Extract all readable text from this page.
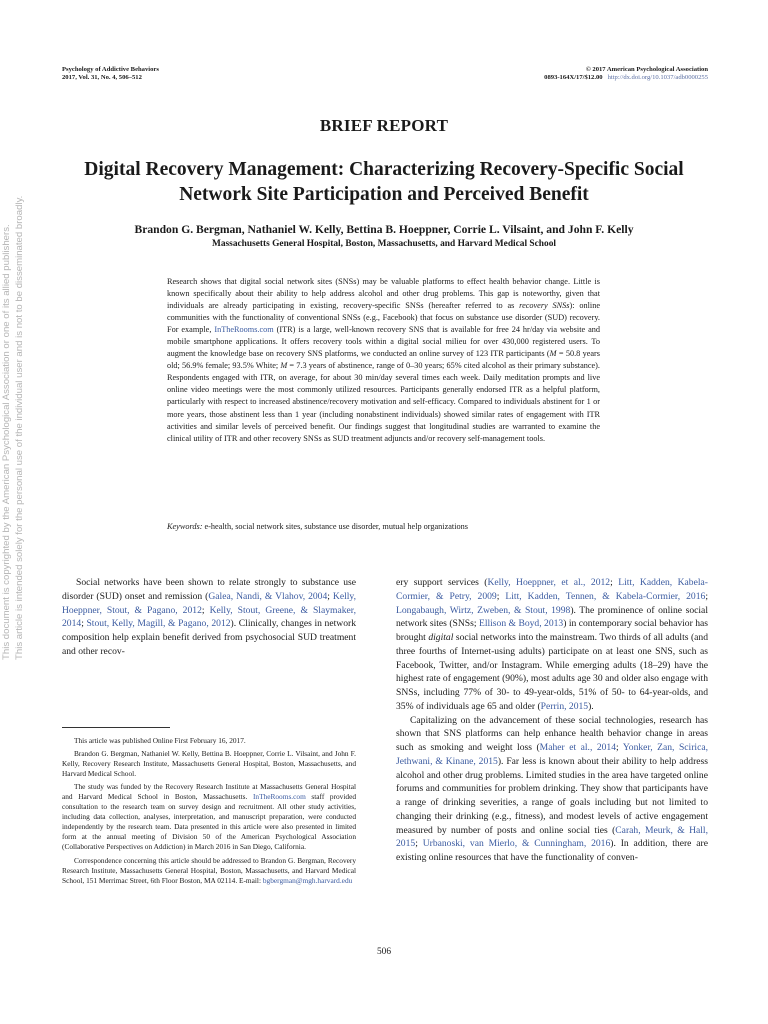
Psychology of Addictive Behaviors
2017, Vol. 31, No. 4, 506–512
© 2017 American Psychological Association
0893-164X/17/$12.00 http://dx.doi.org/10.1037/adb0000255
This document is copyrighted by the American Psychological Association or one of its allied publishers. This article is intended solely for the personal use of the individual user and is not to be disseminated broadly.
BRIEF REPORT
Digital Recovery Management: Characterizing Recovery-Specific Social Network Site Participation and Perceived Benefit
Brandon G. Bergman, Nathaniel W. Kelly, Bettina B. Hoeppner, Corrie L. Vilsaint, and John F. Kelly
Massachusetts General Hospital, Boston, Massachusetts, and Harvard Medical School
Research shows that digital social network sites (SNSs) may be valuable platforms to effect health behavior change. Little is known specifically about their ability to help address alcohol and other drug problems. This gap is noteworthy, given that individuals are already participating in existing, recovery-specific SNSs (hereafter referred to as recovery SNSs): online communities with the functionality of conventional SNSs (e.g., Facebook) that focus on substance use disorder (SUD) recovery. For example, InTheRooms.com (ITR) is a large, well-known recovery SNS that is available for free 24 hr/day via website and mobile smartphone applications. It offers recovery tools within a digital social milieu for over 430,000 registered users. To augment the knowledge base on recovery SNS platforms, we conducted an online survey of 123 ITR participants (M = 50.8 years old; 56.9% female; 93.5% White; M = 7.3 years of abstinence, range of 0–30 years; 65% cited alcohol as their primary substance). Respondents engaged with ITR, on average, for about 30 min/day several times each week. Daily meditation prompts and live online video meetings were the most commonly utilized resources. Participants generally endorsed ITR as a helpful platform, particularly with respect to increased abstinence/recovery motivation and self-efficacy. Compared to individuals abstinent for 1 or more years, those abstinent less than 1 year (including nonabstinent individuals) showed similar rates of engagement with ITR activities and similar levels of perceived benefit. Our findings suggest that longitudinal studies are warranted to examine the clinical utility of ITR and other recovery SNSs as SUD treatment adjuncts and/or recovery self-management tools.
Keywords: e-health, social network sites, substance use disorder, mutual help organizations

Social networks have been shown to relate strongly to substance use disorder (SUD) onset and remission (Galea, Nandi, & Vlahov, 2004; Kelly, Hoeppner, Stout, & Pagano, 2012; Kelly, Stout, Greene, & Slaymaker, 2014; Stout, Kelly, Magill, & Pagano, 2012). Clinically, changes in network composition help explain benefit derived from psychosocial SUD treatment and other recov-

This article was published Online First February 16, 2017.

Brandon G. Bergman, Nathaniel W. Kelly, Bettina B. Hoeppner, Corrie L. Vilsaint, and John F. Kelly, Recovery Research Institute, Massachusetts General Hospital, Boston, Massachusetts, and Harvard Medical School.

The study was funded by the Recovery Research Institute at Massachusetts General Hospital and Harvard Medical School in Boston, Massachusetts. InTheRooms.com staff provided consultation to the research team on survey design and recruitment. All other study activities, including data collection, analyses, interpretation, and manuscript preparation, were conducted independently by the research team. Data presented in this article were also presented in limited form at the annual meeting of Division 50 of the American Psychological Association (Collaborative Perspectives on Addiction) in March 2016 in San Diego, California.

Correspondence concerning this article should be addressed to Brandon G. Bergman, Recovery Research Institute, Massachusetts General Hospital, Boston, Massachusetts, and Harvard Medical School, 151 Merrimac Street, 6th Floor Boston, MA 02114. E-mail: bgbergman@mgh.harvard.edu

ery support services (Kelly, Hoeppner, et al., 2012; Litt, Kadden, Kabela-Cormier, & Petry, 2009; Litt, Kadden, Tennen, & Kabela-Cormier, 2016; Longabaugh, Wirtz, Zweben, & Stout, 1998). The prominence of online social network sites (SNSs; Ellison & Boyd, 2013) in contemporary social behavior has brought digital social networks into the mainstream. Two thirds of all adults (and three fourths of Internet-using adults) participate on at least one SNS, such as Facebook, Twitter, and/or Instagram. While emerging adults (18–29) have the highest rate of engagement (90%), most adults age 30 and older also engage with SNSs, including 77% of 30- to 49-year-olds, 51% of 50- to 64-year-olds, and 35% of individuals age 65 and older (Perrin, 2015).

Capitalizing on the advancement of these social technologies, research has shown that SNS platforms can help enhance health behavior change in areas such as smoking and weight loss (Maher et al., 2014; Yonker, Zan, Scirica, Jethwani, & Kinane, 2015). Far less is known about their ability to help address alcohol and other drug problems. Limited studies in the area have targeted online forums and communities for problem drinking. They show that participants have a range of drinking severities, a range of goals including but not limited to changing their drinking (e.g., fitness), and modest levels of active engagement measured by number of posts and online social ties (Carah, Meurk, & Hall, 2015; Urbanoski, van Mierlo, & Cunningham, 2016). In addition, there are existing online resources that have the functionality of conven-

506
